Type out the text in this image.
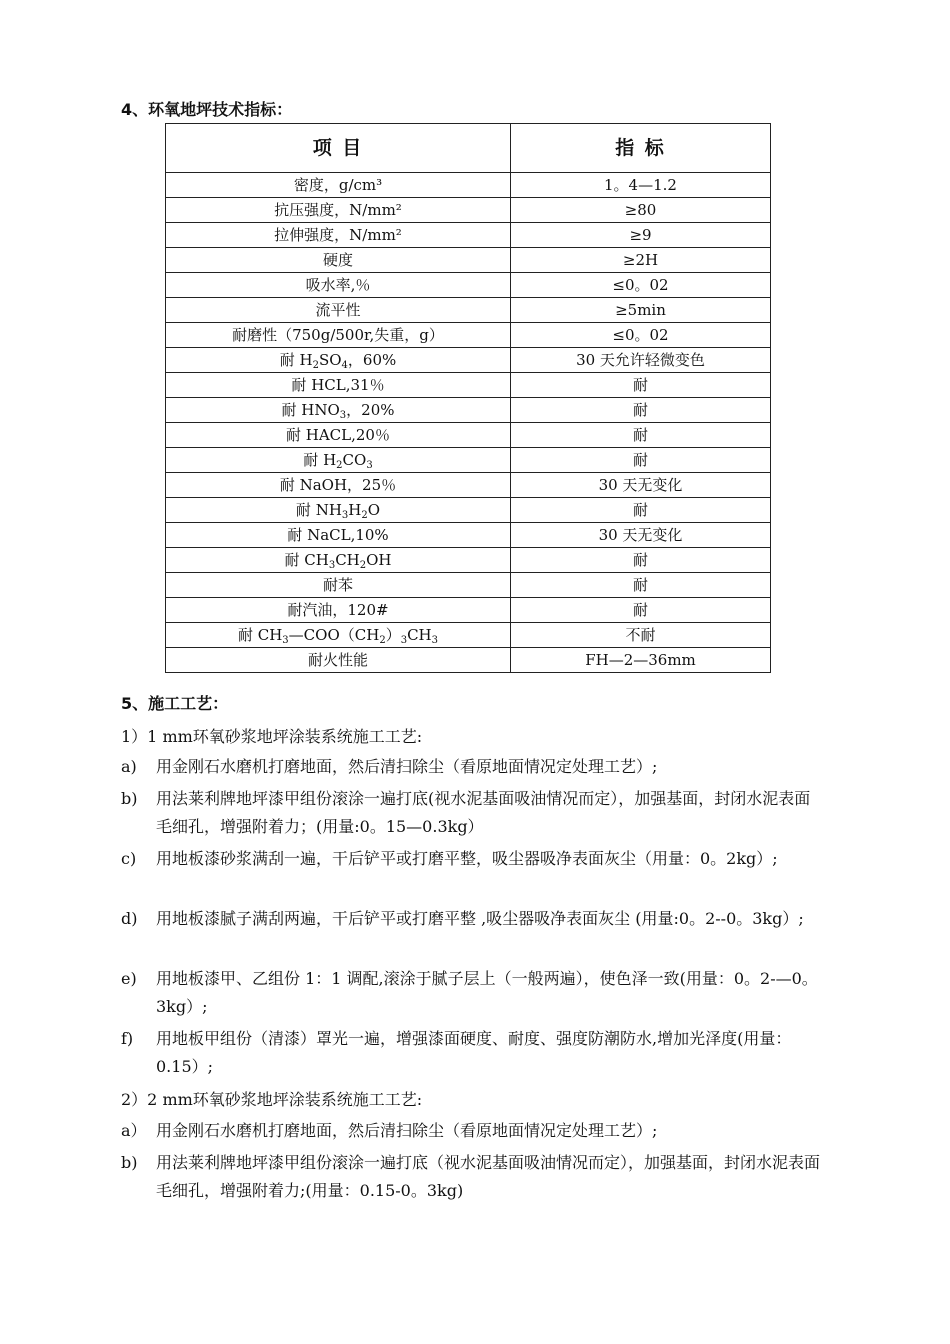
4、环氧地坪技术指标：
项 目	指 标
密度，g/cm³	1。4—1.2
抗压强度，N/mm²	≥80
拉伸强度，N/mm²	≥9
硬度	≥2H
吸水率,％	≤0。02
流平性	≥5min
耐磨性（750g/500r,失重，g）	≤0。02
耐 $H_2SO_4$，60%	30 天允许轻微变色
耐 HCL,31％	耐
耐 $HNO_3$，20%	耐
耐 HACL,20％	耐
耐 $H_2CO_3$	耐
耐 NaOH，25％	30 天无变化
耐 $NH_3H_2O$	耐
耐 NaCL,10%	30 天无变化
耐 $CH_3CH_2OH$	耐
耐苯	耐
耐汽油，120#	耐
耐 $CH_3—COO(CH_2)_3CH_3$	不耐
耐火性能	FH—2—36mm
5、施工工艺：
1）1 mm环氧砂浆地坪涂装系统施工工艺:
a) 用金刚石水磨机打磨地面，然后清扫除尘（看原地面情况定处理工艺）;
b) 用法莱利牌地坪漆甲组份滚涂一遍打底(视水泥基面吸油情况而定），加强基面，封闭水泥表面毛细孔，增强附着力；(用量:0。15—0.3kg）
c) 用地板漆砂浆满刮一遍，干后铲平或打磨平整，吸尘器吸净表面灰尘（用量：0。2kg）;
d) 用地板漆腻子满刮两遍，干后铲平或打磨平整 ,吸尘器吸净表面灰尘 (用量:0。2--0。3kg）;
e) 用地板漆甲、乙组份 1：1 调配,滚涂于腻子层上（一般两遍），使色泽一致(用量：0。2-—0。3kg）;
f) 用地板甲组份（清漆）罩光一遍，增强漆面硬度、耐度、强度防潮防水,增加光泽度(用量：0.15）;
2）2 mm环氧砂浆地坪涂装系统施工工艺:
a） 用金刚石水磨机打磨地面，然后清扫除尘（看原地面情况定处理工艺）;
b) 用法莱利牌地坪漆甲组份滚涂一遍打底（视水泥基面吸油情况而定），加强基面，封闭水泥表面毛细孔，增强附着力;(用量：0.15-0。3kg)
